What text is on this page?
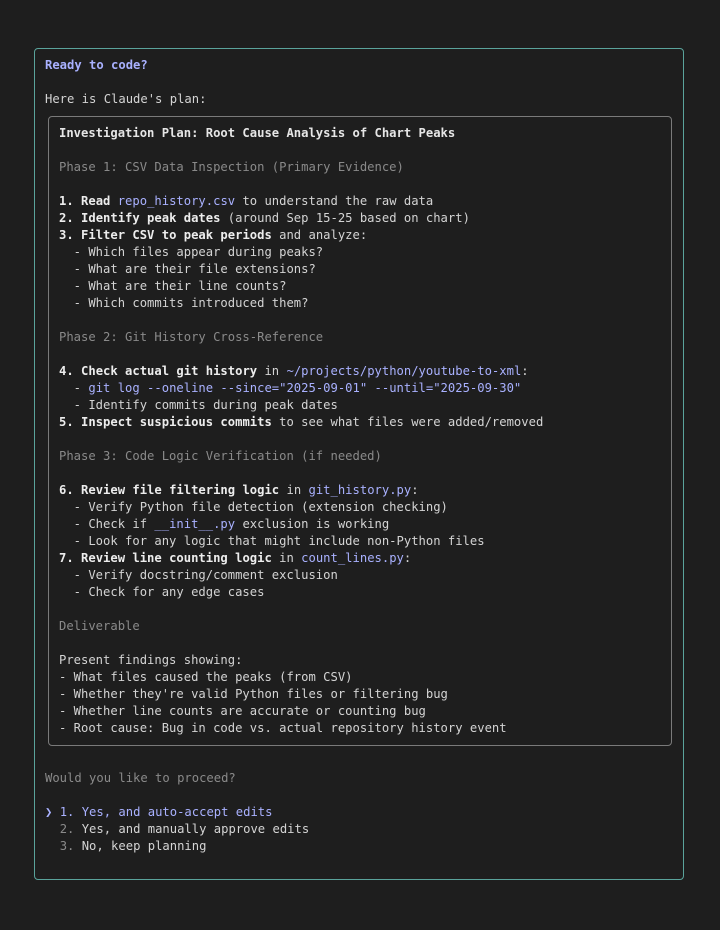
Ready to code?
Here is Claude's plan:
Investigation Plan: Root Cause Analysis of Chart Peaks
Phase 1: CSV Data Inspection (Primary Evidence)
1. Read repo_history.csv to understand the raw data
2. Identify peak dates (around Sep 15-25 based on chart)
3. Filter CSV to peak periods and analyze:
- Which files appear during peaks?
- What are their file extensions?
- What are their line counts?
- Which commits introduced them?
Phase 2: Git History Cross-Reference
4. Check actual git history in ~/projects/python/youtube-to-xml:
- git log --oneline --since="2025-09-01" --until="2025-09-30"
- Identify commits during peak dates
5. Inspect suspicious commits to see what files were added/removed
Phase 3: Code Logic Verification (if needed)
6. Review file filtering logic in git_history.py:
- Verify Python file detection (extension checking)
- Check if __init__.py exclusion is working
- Look for any logic that might include non-Python files
7. Review line counting logic in count_lines.py:
- Verify docstring/comment exclusion
- Check for any edge cases
Deliverable
Present findings showing:
- What files caused the peaks (from CSV)
- Whether they're valid Python files or filtering bug
- Whether line counts are accurate or counting bug
- Root cause: Bug in code vs. actual repository history event
Would you like to proceed?
❯ 1. Yes, and auto-accept edits
2. Yes, and manually approve edits
3. No, keep planning
